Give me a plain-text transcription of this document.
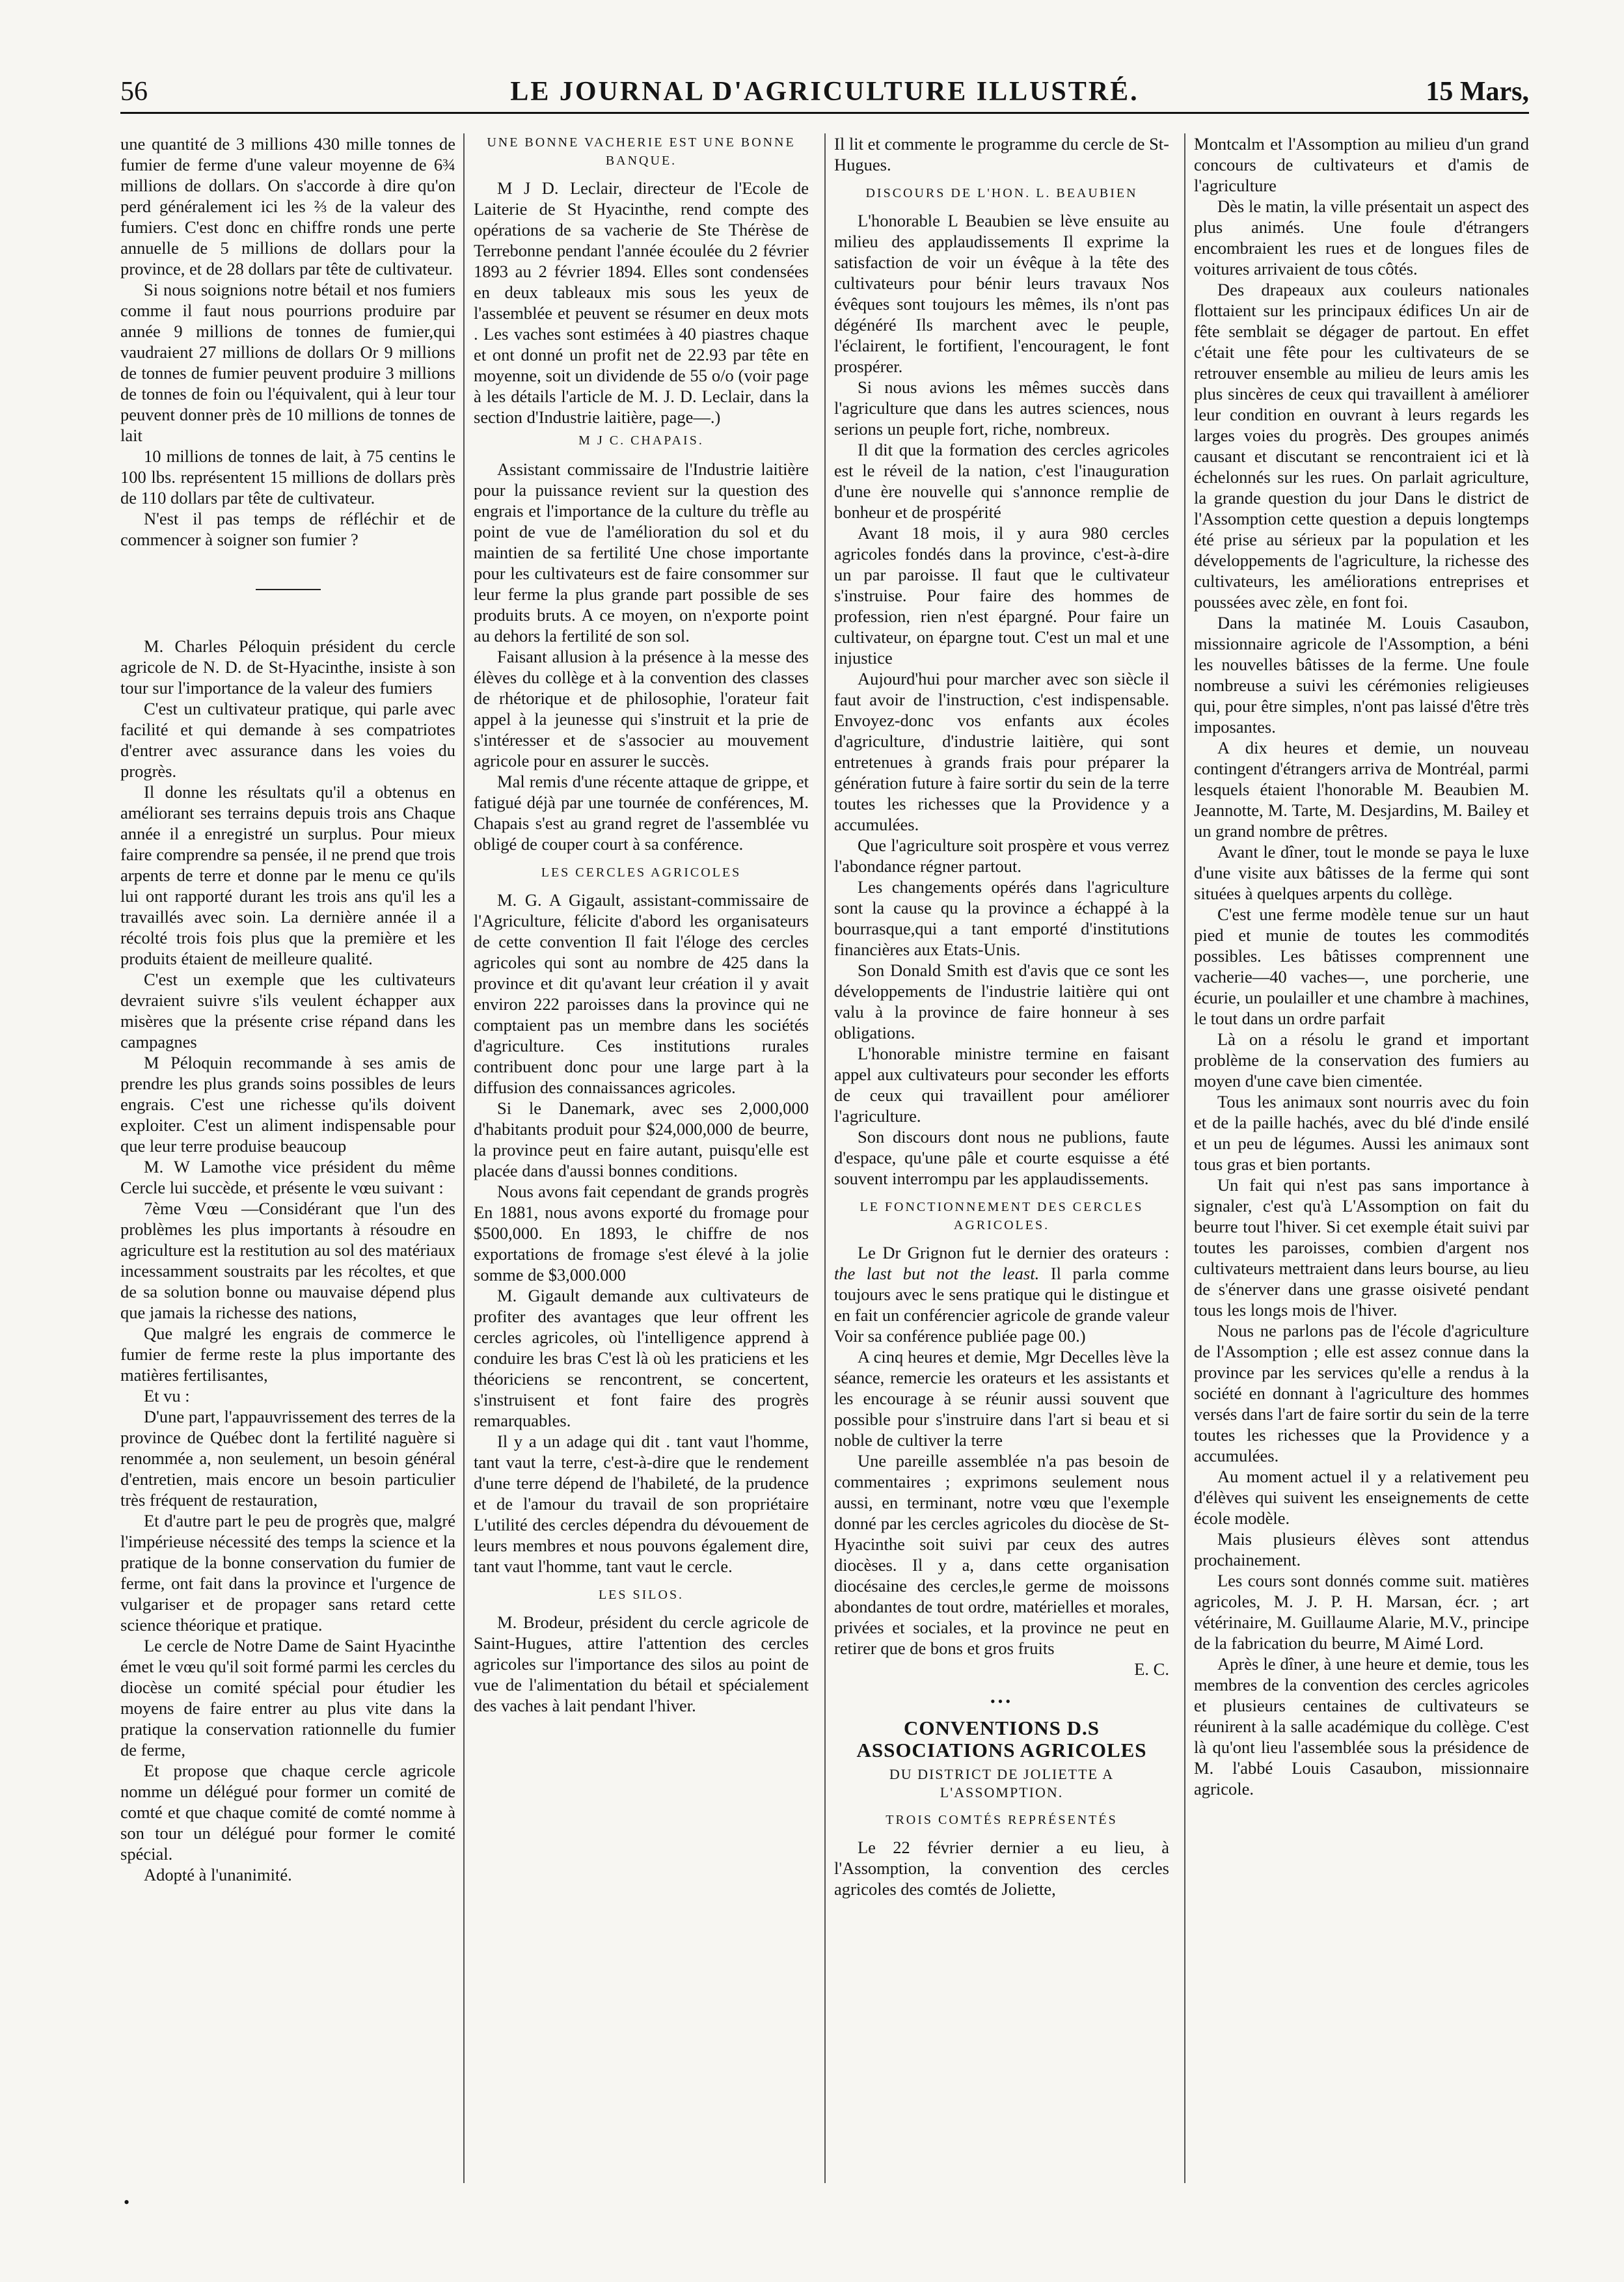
56	LE JOURNAL D'AGRICULTURE ILLUSTRÉ.	15 Mars,

une quantité de 3 millions 430 mille tonnes de fumier de ferme d'une valeur moyenne de 6¾ millions de dollars. On s'accorde à dire qu'on perd généralement ici les ⅔ de la valeur des fumiers. C'est donc en chiffre ronds une perte annuelle de 5 millions de dollars pour la province, et de 28 dollars par tête de cultivateur.

Si nous soignions notre bétail et nos fumiers comme il faut nous pourrions produire par année 9 millions de tonnes de fumier,qui vaudraient 27 millions de dollars Or 9 millions de tonnes de fumier peuvent produire 3 millions de tonnes de foin ou l'équivalent, qui à leur tour peuvent donner près de 10 millions de tonnes de lait

10 millions de tonnes de lait, à 75 centins le 100 lbs. représentent 15 millions de dollars près de 110 dollars par tête de cultivateur.

N'est il pas temps de réfléchir et de commencer à soigner son fumier ?

M. Charles Péloquin président du cercle agricole de N. D. de St-Hyacinthe, insiste à son tour sur l'importance de la valeur des fumiers

C'est un cultivateur pratique, qui parle avec facilité et qui demande à ses compatriotes d'entrer avec assurance dans les voies du progrès.

Il donne les résultats qu'il a obtenus en améliorant ses terrains depuis trois ans Chaque année il a enregistré un surplus. Pour mieux faire comprendre sa pensée, il ne prend que trois arpents de terre et donne par le menu ce qu'ils lui ont rapporté durant les trois ans qu'il les a travaillés avec soin. La dernière année il a récolté trois fois plus que la première et les produits étaient de meilleure qualité.

C'est un exemple que les cultivateurs devraient suivre s'ils veulent échapper aux misères que la présente crise répand dans les campagnes

M Péloquin recommande à ses amis de prendre les plus grands soins possibles de leurs engrais. C'est une richesse qu'ils doivent exploiter. C'est un aliment indispensable pour que leur terre produise beaucoup

M. W Lamothe vice président du même Cercle lui succède, et présente le vœu suivant :

7ème Vœu —Considérant que l'un des problèmes les plus importants à résoudre en agriculture est la restitution au sol des matériaux incessamment soustraits par les récoltes, et que de sa solution bonne ou mauvaise dépend plus que jamais la richesse des nations,

Que malgré les engrais de commerce le fumier de ferme reste la plus importante des matières fertilisantes,

Et vu :

D'une part, l'appauvrissement des terres de la province de Québec dont la fertilité naguère si renommée a, non seulement, un besoin général d'entretien, mais encore un besoin particulier très fréquent de restauration,

Et d'autre part le peu de progrès que, malgré l'impérieuse nécessité des temps la science et la pratique de la bonne conservation du fumier de ferme, ont fait dans la province et l'urgence de vulgariser et de propager sans retard cette science théorique et pratique.

Le cercle de Notre Dame de Saint Hyacinthe émet le vœu qu'il soit formé parmi les cercles du diocèse un comité spécial pour étudier les moyens de faire entrer au plus vite dans la pratique la conservation rationnelle du fumier de ferme,

Et propose que chaque cercle agricole nomme un délégué pour former un comité de comté et que chaque comité de comté nomme à son tour un délégué pour former le comité spécial.

Adopté à l'unanimité.

UNE BONNE VACHERIE EST UNE BONNE BANQUE.

M J D. Leclair, directeur de l'Ecole de Laiterie de St Hyacinthe, rend compte des opérations de sa vacherie de Ste Thérèse de Terrebonne pendant l'année écoulée du 2 février 1893 au 2 février 1894. Elles sont condensées en deux tableaux mis sous les yeux de l'assemblée et peuvent se résumer en deux mots . Les vaches sont estimées à 40 piastres chaque et ont donné un profit net de 22.93 par tête en moyenne, soit un dividende de 55 o/o (voir page à les détails l'article de M. J. D. Leclair, dans la section d'Industrie laitière, page—.)

M J C. CHAPAIS.

Assistant commissaire de l'Industrie laitière pour la puissance revient sur la question des engrais et l'importance de la culture du trèfle au point de vue de l'amélioration du sol et du maintien de sa fertilité Une chose importante pour les cultivateurs est de faire consommer sur leur ferme la plus grande part possible de ses produits bruts. A ce moyen, on n'exporte point au dehors la fertilité de son sol.

Faisant allusion à la présence à la messe des élèves du collège et à la convention des classes de rhétorique et de philosophie, l'orateur fait appel à la jeunesse qui s'instruit et la prie de s'intéresser et de s'associer au mouvement agricole pour en assurer le succès.

Mal remis d'une récente attaque de grippe, et fatigué déjà par une tournée de conférences, M. Chapais s'est au grand regret de l'assemblée vu obligé de couper court à sa conférence.

LES CERCLES AGRICOLES

M. G. A Gigault, assistant-commissaire de l'Agriculture, félicite d'abord les organisateurs de cette convention Il fait l'éloge des cercles agricoles qui sont au nombre de 425 dans la province et dit qu'avant leur création il y avait environ 222 paroisses dans la province qui ne comptaient pas un membre dans les sociétés d'agriculture. Ces institutions rurales contribuent donc pour une large part à la diffusion des connaissances agricoles.

Si le Danemark, avec ses 2,000,000 d'habitants produit pour $24,000,000 de beurre, la province peut en faire autant, puisqu'elle est placée dans d'aussi bonnes conditions.

Nous avons fait cependant de grands progrès En 1881, nous avons exporté du fromage pour $500,000. En 1893, le chiffre de nos exportations de fromage s'est élevé à la jolie somme de $3,000.000

M. Gigault demande aux cultivateurs de profiter des avantages que leur offrent les cercles agricoles, où l'intelligence apprend à conduire les bras C'est là où les praticiens et les théoriciens se rencontrent, se concertent, s'instruisent et font faire des progrès remarquables.

Il y a un adage qui dit . tant vaut l'homme, tant vaut la terre, c'est-à-dire que le rendement d'une terre dépend de l'habileté, de la prudence et de l'amour du travail de son propriétaire L'utilité des cercles dépendra du dévouement de leurs membres et nous pouvons également dire, tant vaut l'homme, tant vaut le cercle.

LES SILOS.

M. Brodeur, président du cercle agricole de Saint-Hugues, attire l'attention des cercles agricoles sur l'importance des silos au point de vue de l'alimentation du bétail et spécialement des vaches à lait pendant l'hiver.

Il lit et commente le programme du cercle de St-Hugues.

DISCOURS DE L'HON. L. BEAUBIEN

L'honorable L Beaubien se lève ensuite au milieu des applaudissements Il exprime la satisfaction de voir un évêque à la tête des cultivateurs pour bénir leurs travaux Nos évêques sont toujours les mêmes, ils n'ont pas dégénéré Ils marchent avec le peuple, l'éclairent, le fortifient, l'encouragent, le font prospérer.

Si nous avions les mêmes succès dans l'agriculture que dans les autres sciences, nous serions un peuple fort, riche, nombreux.

Il dit que la formation des cercles agricoles est le réveil de la nation, c'est l'inauguration d'une ère nouvelle qui s'annonce remplie de bonheur et de prospérité

Avant 18 mois, il y aura 980 cercles agricoles fondés dans la province, c'est-à-dire un par paroisse. Il faut que le cultivateur s'instruise. Pour faire des hommes de profession, rien n'est épargné. Pour faire un cultivateur, on épargne tout. C'est un mal et une injustice

Aujourd'hui pour marcher avec son siècle il faut avoir de l'instruction, c'est indispensable. Envoyez-donc vos enfants aux écoles d'agriculture, d'industrie laitière, qui sont entretenues à grands frais pour préparer la génération future à faire sortir du sein de la terre toutes les richesses que la Providence y a accumulées.

Que l'agriculture soit prospère et vous verrez l'abondance régner partout.

Les changements opérés dans l'agriculture sont la cause qu la province a échappé à la bourrasque,qui a tant emporté d'institutions financières aux Etats-Unis.

Son Donald Smith est d'avis que ce sont les développements de l'industrie laitière qui ont valu à la province de faire honneur à ses obligations.

L'honorable ministre termine en faisant appel aux cultivateurs pour seconder les efforts de ceux qui travaillent pour améliorer l'agriculture.

Son discours dont nous ne publions, faute d'espace, qu'une pâle et courte esquisse a été souvent interrompu par les applaudissements.

LE FONCTIONNEMENT DES CERCLES AGRICOLES.

Le Dr Grignon fut le dernier des orateurs : the last but not the least. Il parla comme toujours avec le sens pratique qui le distingue et en fait un conférencier agricole de grande valeur Voir sa conférence publiée page 00.)

A cinq heures et demie, Mgr Decelles lève la séance, remercie les orateurs et les assistants et les encourage à se réunir aussi souvent que possible pour s'instruire dans l'art si beau et si noble de cultiver la terre

Une pareille assemblée n'a pas besoin de commentaires ; exprimons seulement nous aussi, en terminant, notre vœu que l'exemple donné par les cercles agricoles du diocèse de St-Hyacinthe soit suivi par ceux des autres diocèses. Il y a, dans cette organisation diocésaine des cercles,le germe de moissons abondantes de tout ordre, matérielles et morales, privées et sociales, et la province ne peut en retirer que de bons et gros fruits

E. C.
•••
CONVENTIONS D.S ASSOCIATIONS AGRICOLES
DU DISTRICT DE JOLIETTE A L'ASSOMPTION.
TROIS COMTÉS REPRÉSENTÉS

Le 22 février dernier a eu lieu, à l'Assomption, la convention des cercles agricoles des comtés de Joliette,

Montcalm et l'Assomption au milieu d'un grand concours de cultivateurs et d'amis de l'agriculture

Dès le matin, la ville présentait un aspect des plus animés. Une foule d'étrangers encombraient les rues et de longues files de voitures arrivaient de tous côtés.

Des drapeaux aux couleurs nationales flottaient sur les principaux édifices Un air de fête semblait se dégager de partout. En effet c'était une fête pour les cultivateurs de se retrouver ensemble au milieu de leurs amis les plus sincères de ceux qui travaillent à améliorer leur condition en ouvrant à leurs regards les larges voies du progrès. Des groupes animés causant et discutant se rencontraient ici et là échelonnés sur les rues. On parlait agriculture, la grande question du jour Dans le district de l'Assomption cette question a depuis longtemps été prise au sérieux par la population et les développements de l'agriculture, la richesse des cultivateurs, les améliorations entreprises et poussées avec zèle, en font foi.

Dans la matinée M. Louis Casaubon, missionnaire agricole de l'Assomption, a béni les nouvelles bâtisses de la ferme. Une foule nombreuse a suivi les cérémonies religieuses qui, pour être simples, n'ont pas laissé d'être très imposantes.

A dix heures et demie, un nouveau contingent d'étrangers arriva de Montréal, parmi lesquels étaient l'honorable M. Beaubien M. Jeannotte, M. Tarte, M. Desjardins, M. Bailey et un grand nombre de prêtres.

Avant le dîner, tout le monde se paya le luxe d'une visite aux bâtisses de la ferme qui sont situées à quelques arpents du collège.

C'est une ferme modèle tenue sur un haut pied et munie de toutes les commodités possibles. Les bâtisses comprennent une vacherie—40 vaches—, une porcherie, une écurie, un poulailler et une chambre à machines, le tout dans un ordre parfait

Là on a résolu le grand et important problème de la conservation des fumiers au moyen d'une cave bien cimentée.

Tous les animaux sont nourris avec du foin et de la paille hachés, avec du blé d'inde ensilé et un peu de légumes. Aussi les animaux sont tous gras et bien portants.

Un fait qui n'est pas sans importance à signaler, c'est qu'à L'Assomption on fait du beurre tout l'hiver. Si cet exemple était suivi par toutes les paroisses, combien d'argent nos cultivateurs mettraient dans leurs bourse, au lieu de s'énerver dans une grasse oisiveté pendant tous les longs mois de l'hiver.

Nous ne parlons pas de l'école d'agriculture de l'Assomption ; elle est assez connue dans la province par les services qu'elle a rendus à la société en donnant à l'agriculture des hommes versés dans l'art de faire sortir du sein de la terre toutes les richesses que la Providence y a accumulées.

Au moment actuel il y a relativement peu d'élèves qui suivent les enseignements de cette école modèle.

Mais plusieurs élèves sont attendus prochainement.

Les cours sont donnés comme suit. matières agricoles, M. J. P. H. Marsan, écr. ; art vétérinaire, M. Guillaume Alarie, M.V., principe de la fabrication du beurre, M Aimé Lord.

Après le dîner, à une heure et demie, tous les membres de la convention des cercles agricoles et plusieurs centaines de cultivateurs se réunirent à la salle académique du collège. C'est là qu'ont lieu l'assemblée sous la présidence de M. l'abbé Louis Casaubon, missionnaire agricole.

•
